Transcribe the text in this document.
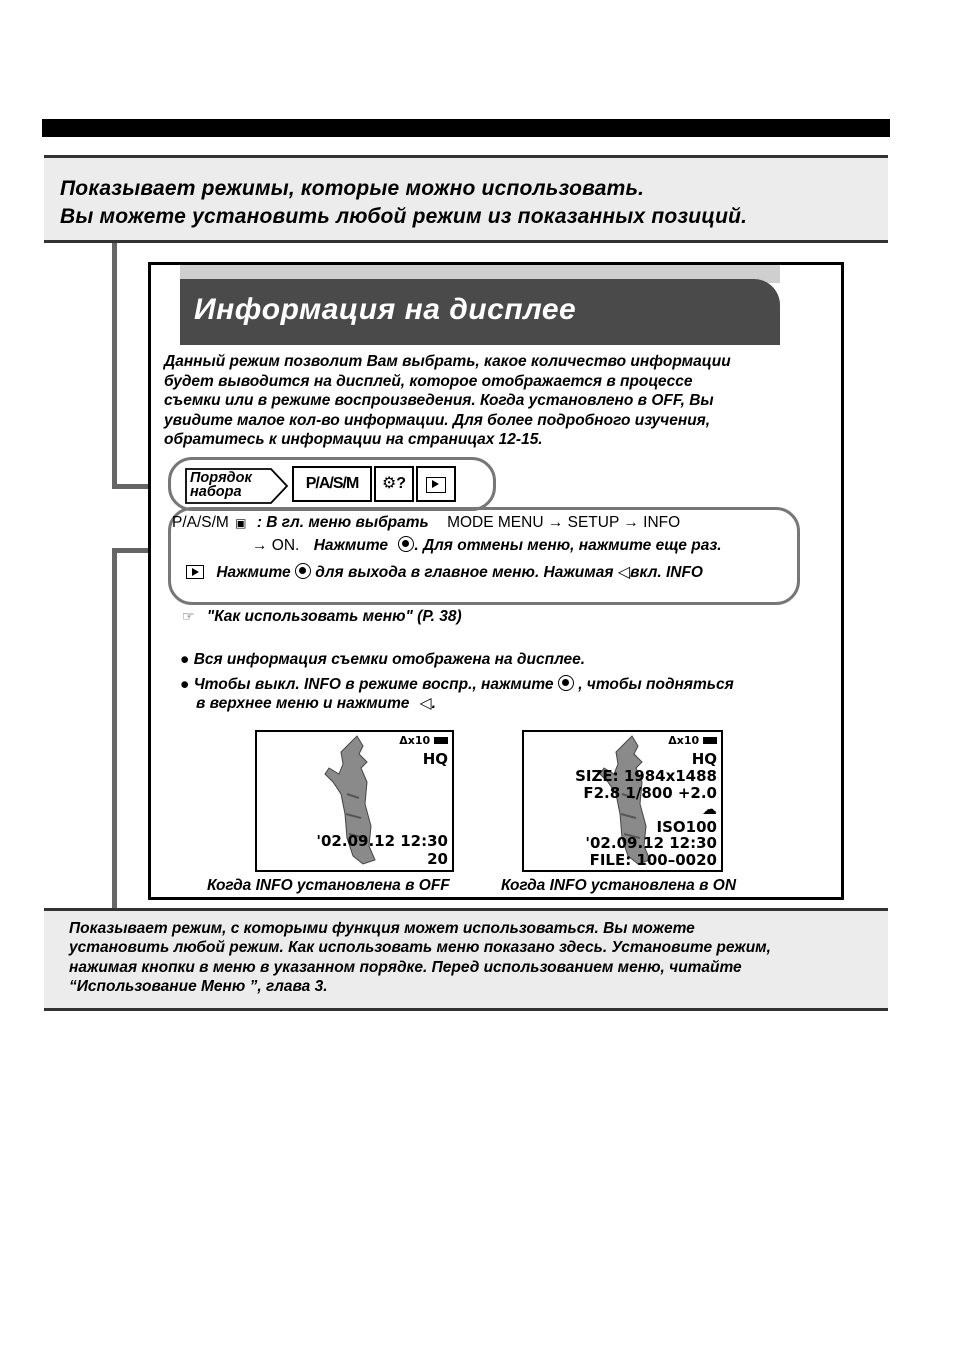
Показывает режимы, которые можно использовать.
Вы можете установить любой режим из показанных позиций.
Информация на дисплее
Данный режим позволит Вам выбрать, какое количество информации
будет выводится на дисплей, которое отображается в процессе
съемки или в режиме воспроизведения. Когда установлено в OFF, Вы
увидите малое кол-во информации. Для более подробного изучения,
обратитесь к информации на страницах 12-15.
Порядок
набора	P/A/S/M	⚙?
P/A/S/M ▣ : В гл. меню выбрать MODE MENU → SETUP → INFO
→ ON. Нажмите . Для отмены меню, нажмите еще раз.
Нажмите для выхода в главное меню. Нажимая ◁вкл. INFO
☞ "Как использовать меню" (P. 38)
● Вся информация съемки отображена на дисплее.
● Чтобы выкл. INFO в режиме воспр., нажмите , чтобы подняться
в верхнее меню и нажмите ◁.
Δx10
HQ
'02.09.12 12:30
20
Δx10
HQ
SIZE: 1984x1488
F2.8 1/800 +2.0
☁
ISO100
'02.09.12 12:30
FILE: 100–0020
Когда INFO установлена в OFF	Когда INFO установлена в ON
Показывает режим, с которыми функция может использоваться. Вы можете
установить любой режим. Как использовать меню показано здесь. Установите режим,
нажимая кнопки в меню в указанном порядке. Перед использованием меню, читайте
“Использование Меню ”, глава 3.
